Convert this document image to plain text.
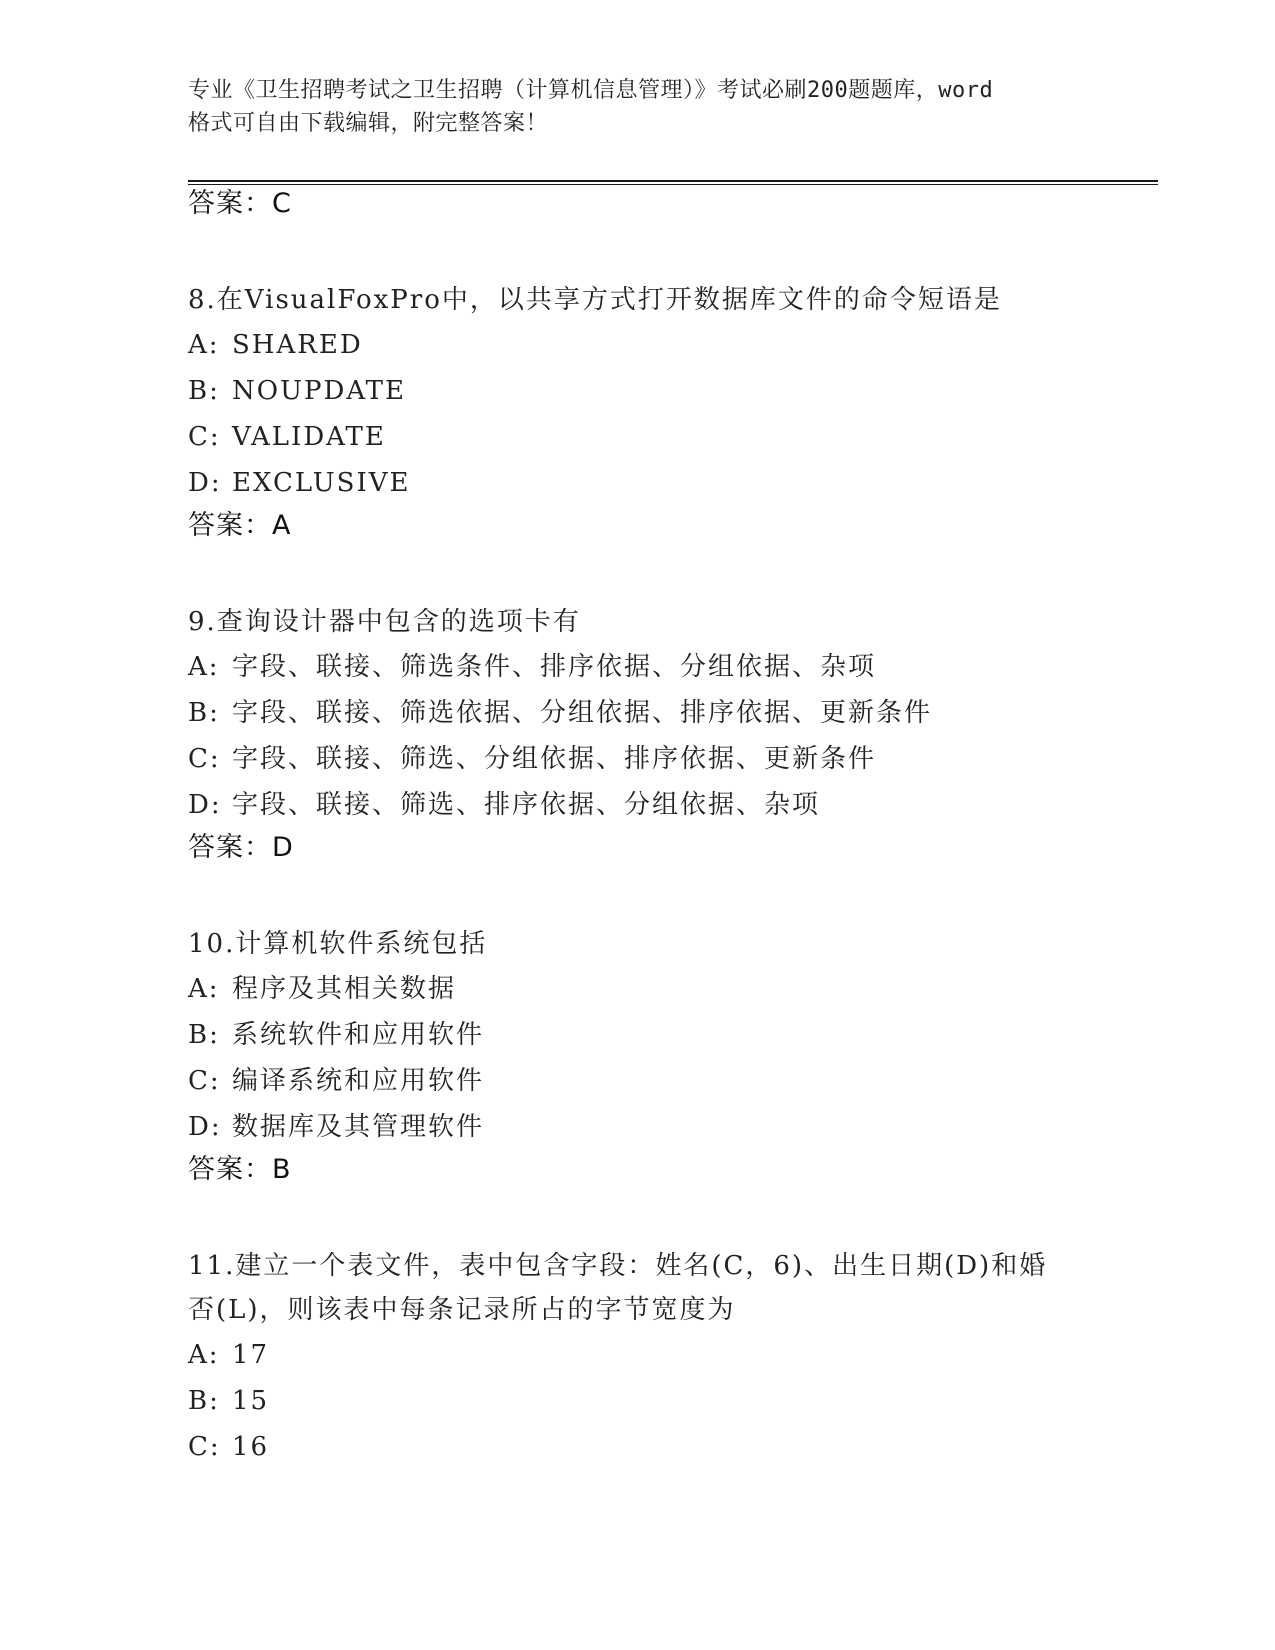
专业《卫生招聘考试之卫生招聘（计算机信息管理）》考试必刷200题题库，word
格式可自由下载编辑，附完整答案！
答案：C

8.在VisualFoxPro中，以共享方式打开数据库文件的命令短语是

A: SHARED
B: NOUPDATE
C: VALIDATE
D: EXCLUSIVE
答案：A

9.查询设计器中包含的选项卡有

A: 字段、联接、筛选条件、排序依据、分组依据、杂项
B: 字段、联接、筛选依据、分组依据、排序依据、更新条件
C: 字段、联接、筛选、分组依据、排序依据、更新条件
D: 字段、联接、筛选、排序依据、分组依据、杂项
答案：D

10.计算机软件系统包括

A: 程序及其相关数据
B: 系统软件和应用软件
C: 编译系统和应用软件
D: 数据库及其管理软件
答案：B

11.建立一个表文件，表中包含字段：姓名(C，6)、出生日期(D)和婚否(L)，则该表中每条记录所占的字节宽度为

A: 17
B: 15
C: 16
